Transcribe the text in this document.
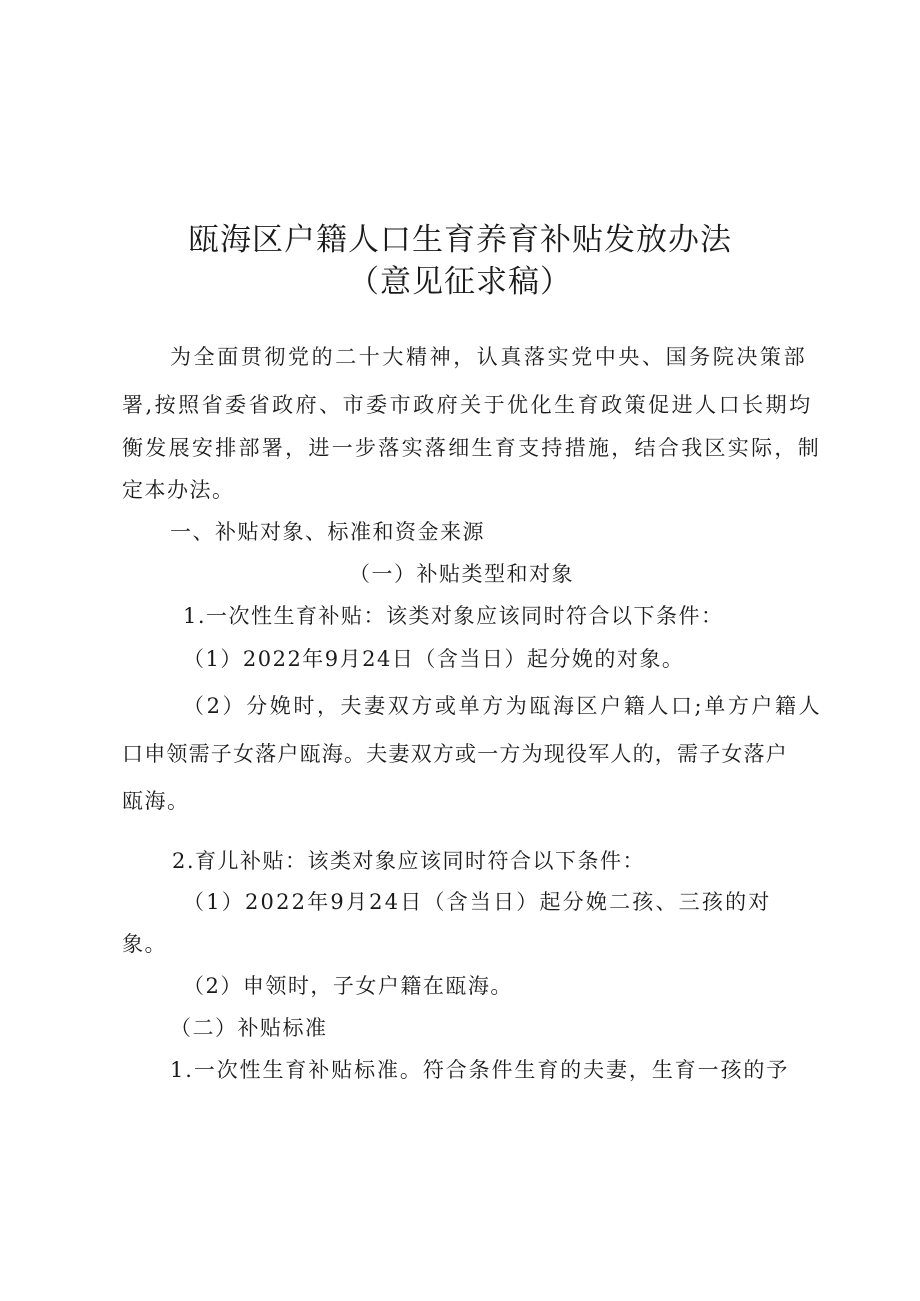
瓯海区户籍人口生育养育补贴发放办法
（意见征求稿）
为全面贯彻党的二十大精神，认真落实党中央、国务院决策部
署,按照省委省政府、市委市政府关于优化生育政策促进人口长期均
衡发展安排部署，进一步落实落细生育支持措施，结合我区实际，制
定本办法。
一、补贴对象、标准和资金来源
（一）补贴类型和对象
1.一次性生育补贴：该类对象应该同时符合以下条件：
（1）2022年9月24日（含当日）起分娩的对象。
（2）分娩时，夫妻双方或单方为瓯海区户籍人口;单方户籍人
口申领需子女落户瓯海。夫妻双方或一方为现役军人的，需子女落户
瓯海。
2.育儿补贴：该类对象应该同时符合以下条件：
（1）2022年9月24日（含当日）起分娩二孩、三孩的对
象。
（2）申领时，子女户籍在瓯海。
（二）补贴标准
1.一次性生育补贴标准。符合条件生育的夫妻，生育一孩的予
